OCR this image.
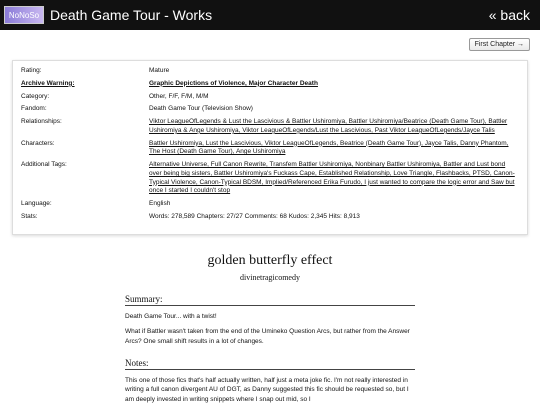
NoNoSo Death Game Tour - Works	« back
First Chapter →
Rating:	Mature
Archive Warning:	Graphic Depictions of Violence, Major Character Death
Category:	Other, F/F, F/M, M/M
Fandom:	Death Game Tour (Television Show)
Relationships:	Viktor LeagueOfLegends & Lust the Lascivious & Battler Ushiromiya, Battler Ushiromiya/Beatrice (Death Game Tour), Battler Ushiromiya & Ange Ushiromiya, Viktor LeagueOfLegends/Lust the Lascivious, Past Viktor LeagueOfLegends/Jayce Talis
Characters:	Battler Ushiromiya, Lust the Lascivious, Viktor LeagueOfLegends, Beatrice (Death Game Tour), Jayce Talis, Danny Phantom, The Host (Death Game Tour), Ange Ushiromiya
Additional Tags:	Alternative Universe, Full Canon Rewrite, Transfem Battler Ushiromiya, Nonbinary Battler Ushiromiya, Battler and Lust bond over being big sisters, Battler Ushiromiya's Fuckass Cape, Established Relationship, Love Triangle, Flashbacks, PTSD, Canon-Typical Violence, Canon-Typical BDSM, Implied/Referenced Erika Furudo, I just wanted to compare the logic error and Saw but once I started I couldn't stop
Language:	English
Stats:	Words: 278,589 Chapters: 27/27 Comments: 68 Kudos: 2,345 Hits: 8,913
golden butterfly effect
divinetragicomedy
Summary:
Death Game Tour... with a twist!
What if Battler wasn't taken from the end of the Umineko Question Arcs, but rather from the Answer Arcs? One small shift results in a lot of changes.
Notes:
This one of those fics that's half actually written, half just a meta joke fic. I'm not really interested in writing a full canon divergent AU of DGT, as Danny suggested this fic should be requested so, but I am deeply invested in writing snippets where I snap out mid, so I
